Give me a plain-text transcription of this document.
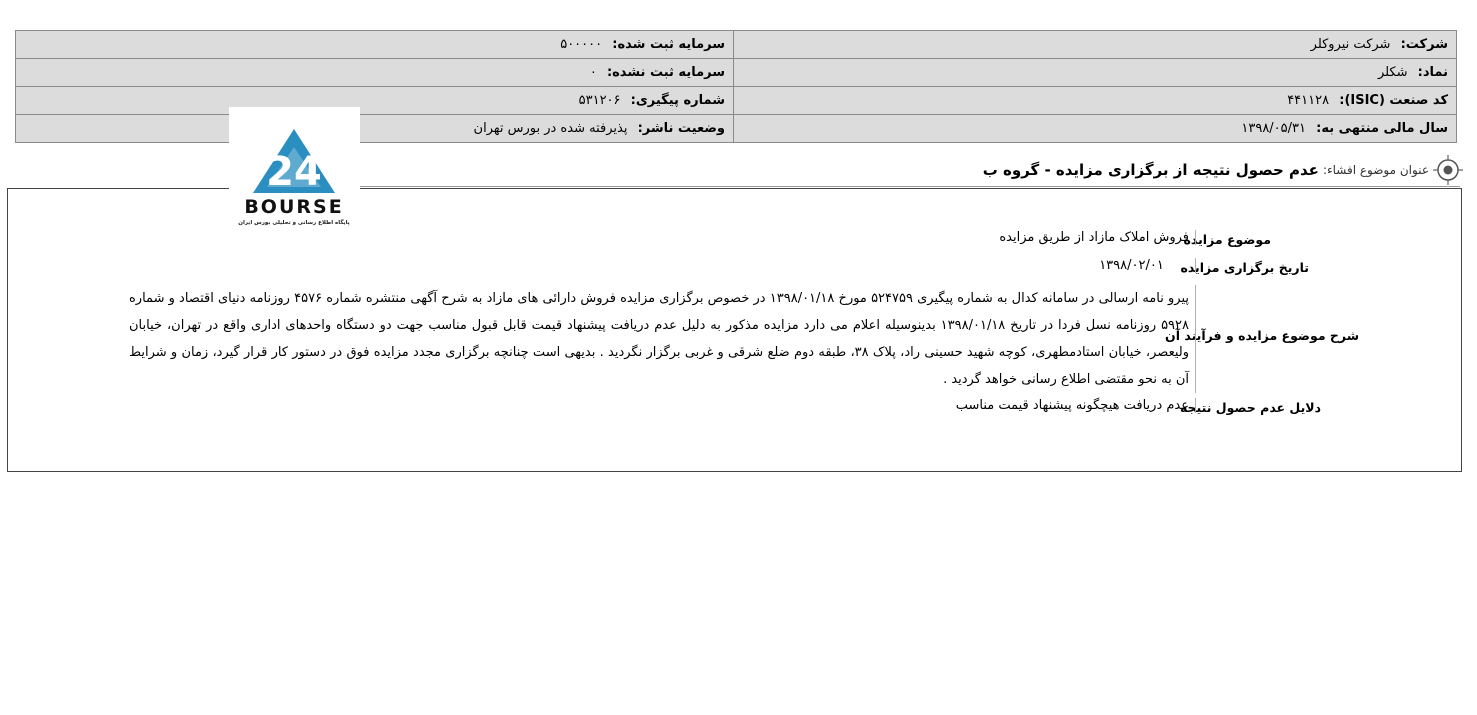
سرمایه ثبت شده: ۵۰۰۰۰۰	شرکت: شرکت نیروکلر
سرمایه ثبت نشده: ۰	نماد: شکلر
شماره پیگیری: ۵۳۱۲۰۶	کد صنعت (ISIC): ۴۴۱۱۲۸
وضعیت ناشر: پذیرفته شده در بورس تهران	سال مالی منتهی به: ۱۳۹۸/۰۵/۳۱
عنوان موضوع افشاء:
عدم حصول نتیجه از برگزاری مزایده - گروه ب
موضوع مزایده
فروش املاک مازاد از طریق مزایده
تاریخ برگزاری مزایده
۱۳۹۸/۰۲/۰۱
شرح موضوع مزایده و فرآیند آن
پیرو نامه ارسالی در سامانه کدال به شماره پیگیری ۵۲۴۷۵۹ مورخ ۱۳۹۸/۰۱/۱۸ در خصوص برگزاری مزایده فروش دارائی های مازاد به شرح آگهی منتشره شماره ۴۵۷۶ روزنامه دنیای اقتصاد و شماره ۵۹۲۸ روزنامه نسل فردا در تاریخ ۱۳۹۸/۰۱/۱۸ بدینوسیله اعلام می دارد مزایده مذکور به دلیل عدم دریافت پیشنهاد قیمت قابل قبول مناسب جهت دو دستگاه واحدهای اداری واقع در تهران، خیابان ولیعصر، خیابان استادمطهری، کوچه شهید حسینی راد، پلاک ۳۸، طبقه دوم ضلع شرقی و غربی برگزار نگردید . بدیهی است چنانچه برگزاری مجدد مزایده فوق در دستور کار قرار گیرد، زمان و شرایط آن به نحو مقتضی اطلاع رسانی خواهد گردید .
دلایل عدم حصول نتیجه
عدم دریافت هیچگونه پیشنهاد قیمت مناسب
24
BOURSE
پایگاه اطلاع رسانی و تحلیلی بورس ایران
